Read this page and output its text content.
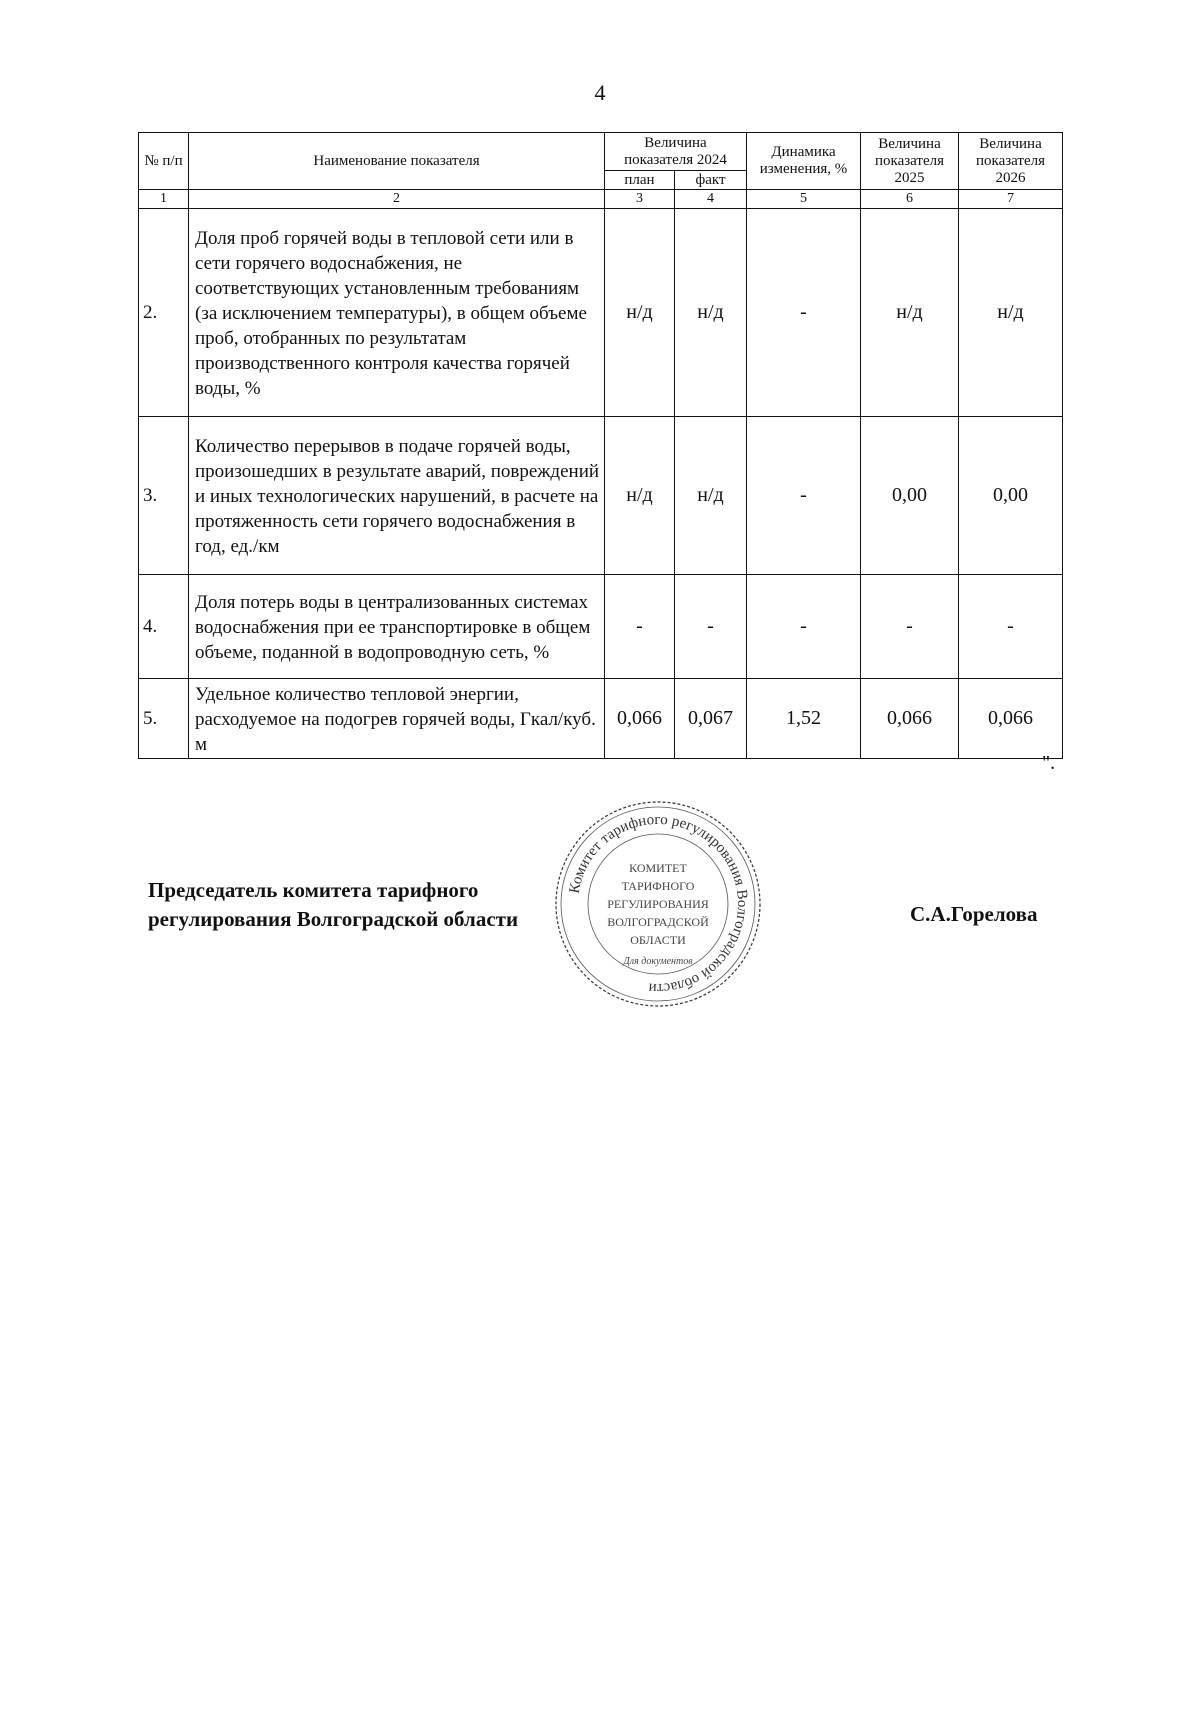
4
№ п/п	Наименование показателя	Величина показателя 2024		Динамика изменения, %	Величина показателя 2025	Величина показателя 2026
		план	факт			
1	2	3	4	5	6	7
2.	Доля проб горячей воды в тепловой сети или в сети горячего водоснабжения, не соответствующих установленным требованиям (за исключением температуры), в общем объеме проб, отобранных по результатам производственного контроля качества горячей воды, %	н/д	н/д	-	н/д	н/д
3.	Количество перерывов в подаче горячей воды, произошедших в результате аварий, повреждений и иных технологических нарушений, в расчете на протяженность сети горячего водоснабжения в год, ед./км	н/д	н/д	-	0,00	0,00
4.	Доля потерь воды в централизованных системах водоснабжения при ее транспортировке в общем объеме, поданной в водопроводную сеть, %	-	-	-	-	-
5.	Удельное количество тепловой энергии, расходуемое на подогрев горячей воды, Гкал/куб. м	0,066	0,067	1,52	0,066	0,066
".
Председатель комитета тарифного
регулирования Волгоградской области
Комитет тарифного регулирования Волгоградской области
КОМИТЕТ
ТАРИФНОГО
РЕГУЛИРОВАНИЯ
ВОЛГОГРАДСКОЙ
ОБЛАСТИ
Для документов
С.А.Горелова
